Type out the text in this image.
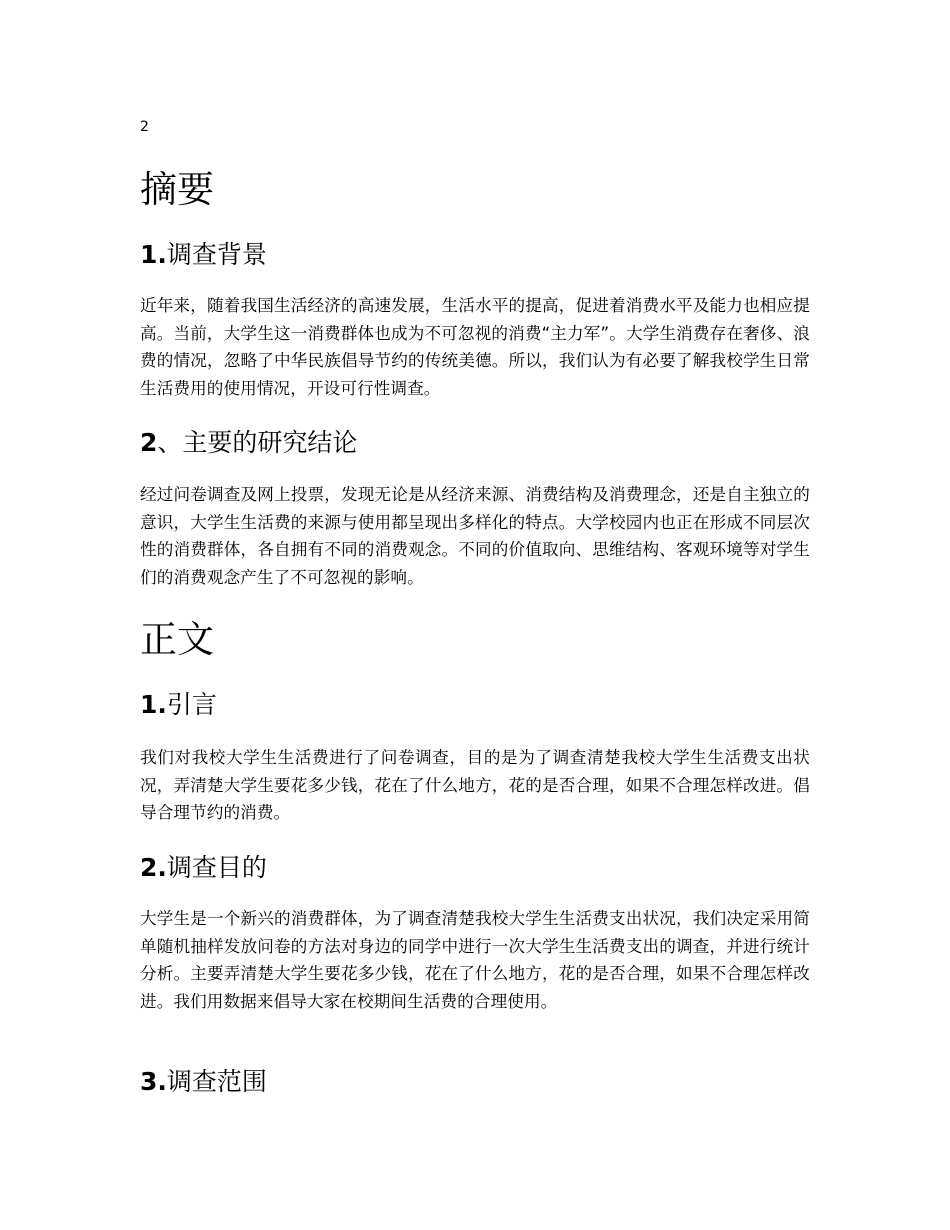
2
摘要
1.调查背景

近年来，随着我国生活经济的高速发展，生活水平的提高，促进着消费水平及能力也相应提高。当前，大学生这一消费群体也成为不可忽视的消费“主力军”。大学生消费存在奢侈、浪费的情况，忽略了中华民族倡导节约的传统美德。所以，我们认为有必要了解我校学生日常生活费用的使用情况，开设可行性调查。

2、主要的研究结论

经过问卷调查及网上投票，发现无论是从经济来源、消费结构及消费理念，还是自主独立的意识，大学生生活费的来源与使用都呈现出多样化的特点。大学校园内也正在形成不同层次性的消费群体，各自拥有不同的消费观念。不同的价值取向、思维结构、客观环境等对学生们的消费观念产生了不可忽视的影响。

正文
1.引言

我们对我校大学生生活费进行了问卷调查，目的是为了调查清楚我校大学生生活费支出状况，弄清楚大学生要花多少钱，花在了什么地方，花的是否合理，如果不合理怎样改进。倡导合理节约的消费。

2.调查目的

大学生是一个新兴的消费群体，为了调查清楚我校大学生生活费支出状况，我们决定采用简单随机抽样发放问卷的方法对身边的同学中进行一次大学生生活费支出的调查，并进行统计分析。主要弄清楚大学生要花多少钱，花在了什么地方，花的是否合理，如果不合理怎样改进。我们用数据来倡导大家在校期间生活费的合理使用。

3.调查范围
